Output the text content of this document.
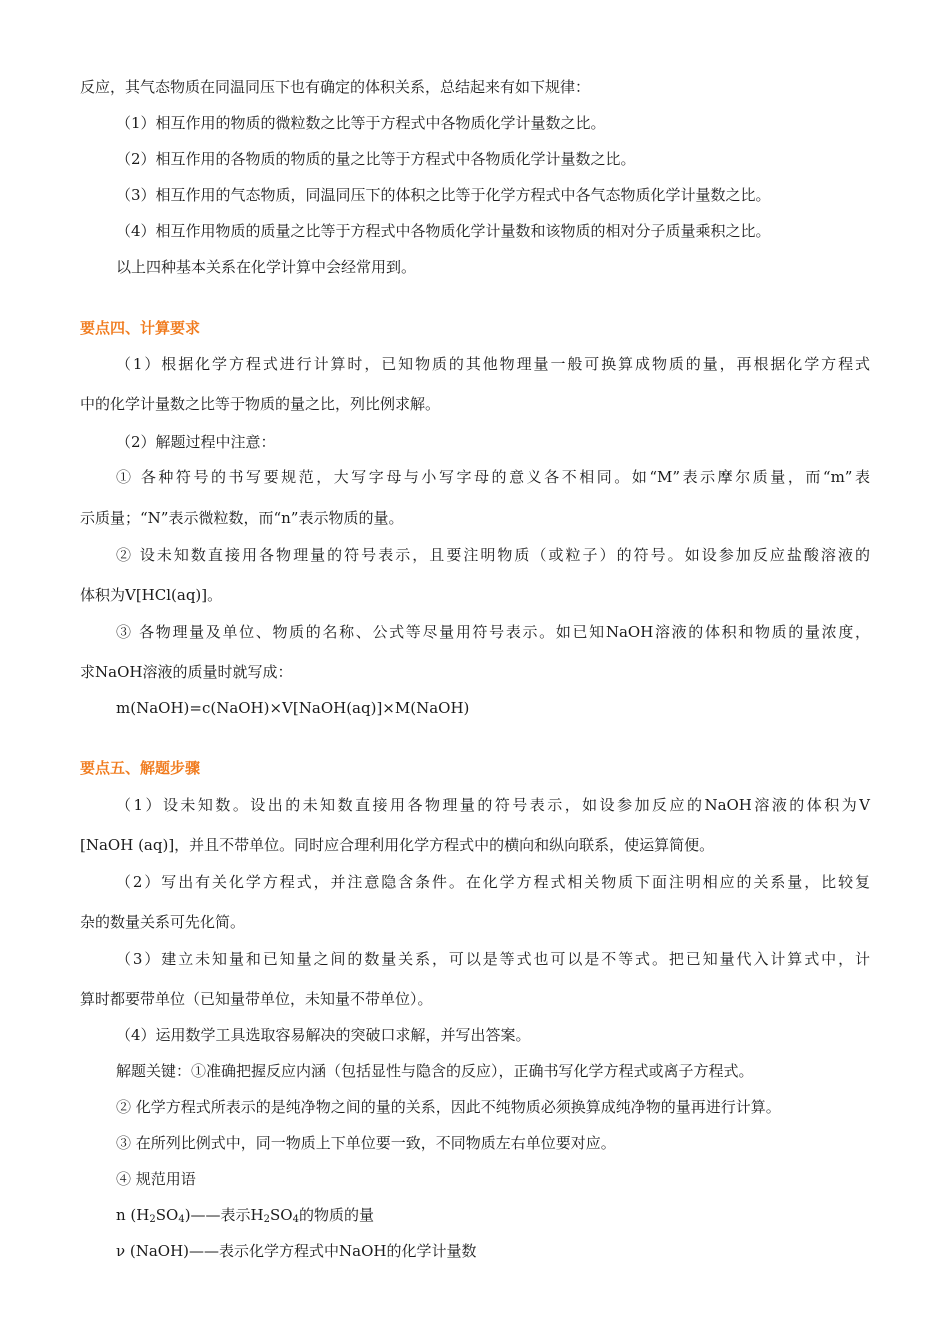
反应，其气态物质在同温同压下也有确定的体积关系，总结起来有如下规律：
（1）相互作用的物质的微粒数之比等于方程式中各物质化学计量数之比。
（2）相互作用的各物质的物质的量之比等于方程式中各物质化学计量数之比。
（3）相互作用的气态物质，同温同压下的体积之比等于化学方程式中各气态物质化学计量数之比。
（4）相互作用物质的质量之比等于方程式中各物质化学计量数和该物质的相对分子质量乘积之比。
以上四种基本关系在化学计算中会经常用到。
要点四、计算要求
（1）根据化学方程式进行计算时，已知物质的其他物理量一般可换算成物质的量，再根据化学方程式
中的化学计量数之比等于物质的量之比，列比例求解。
（2）解题过程中注意：
① 各种符号的书写要规范，大写字母与小写字母的意义各不相同。如“M”表示摩尔质量，而“m”表
示质量；“N”表示微粒数，而“n”表示物质的量。
② 设未知数直接用各物理量的符号表示，且要注明物质（或粒子）的符号。如设参加反应盐酸溶液的
体积为V[HCl(aq)]。
③ 各物理量及单位、物质的名称、公式等尽量用符号表示。如已知NaOH溶液的体积和物质的量浓度，
求NaOH溶液的质量时就写成：
m(NaOH)=c(NaOH)×V[NaOH(aq)]×M(NaOH)
要点五、解题步骤
（1）设未知数。设出的未知数直接用各物理量的符号表示，如设参加反应的NaOH溶液的体积为V
[NaOH (aq)]，并且不带单位。同时应合理利用化学方程式中的横向和纵向联系，使运算简便。
（2）写出有关化学方程式，并注意隐含条件。在化学方程式相关物质下面注明相应的关系量，比较复
杂的数量关系可先化简。
（3）建立未知量和已知量之间的数量关系，可以是等式也可以是不等式。把已知量代入计算式中，计
算时都要带单位（已知量带单位，未知量不带单位）。
（4）运用数学工具选取容易解决的突破口求解，并写出答案。
解题关键：①准确把握反应内涵（包括显性与隐含的反应），正确书写化学方程式或离子方程式。
② 化学方程式所表示的是纯净物之间的量的关系，因此不纯物质必须换算成纯净物的量再进行计算。
③ 在所列比例式中，同一物质上下单位要一致，不同物质左右单位要对应。
④ 规范用语
n $(H_2SO_4)——$表示$H_2SO_4$的物质的量
ν (NaOH)——表示化学方程式中NaOH的化学计量数
